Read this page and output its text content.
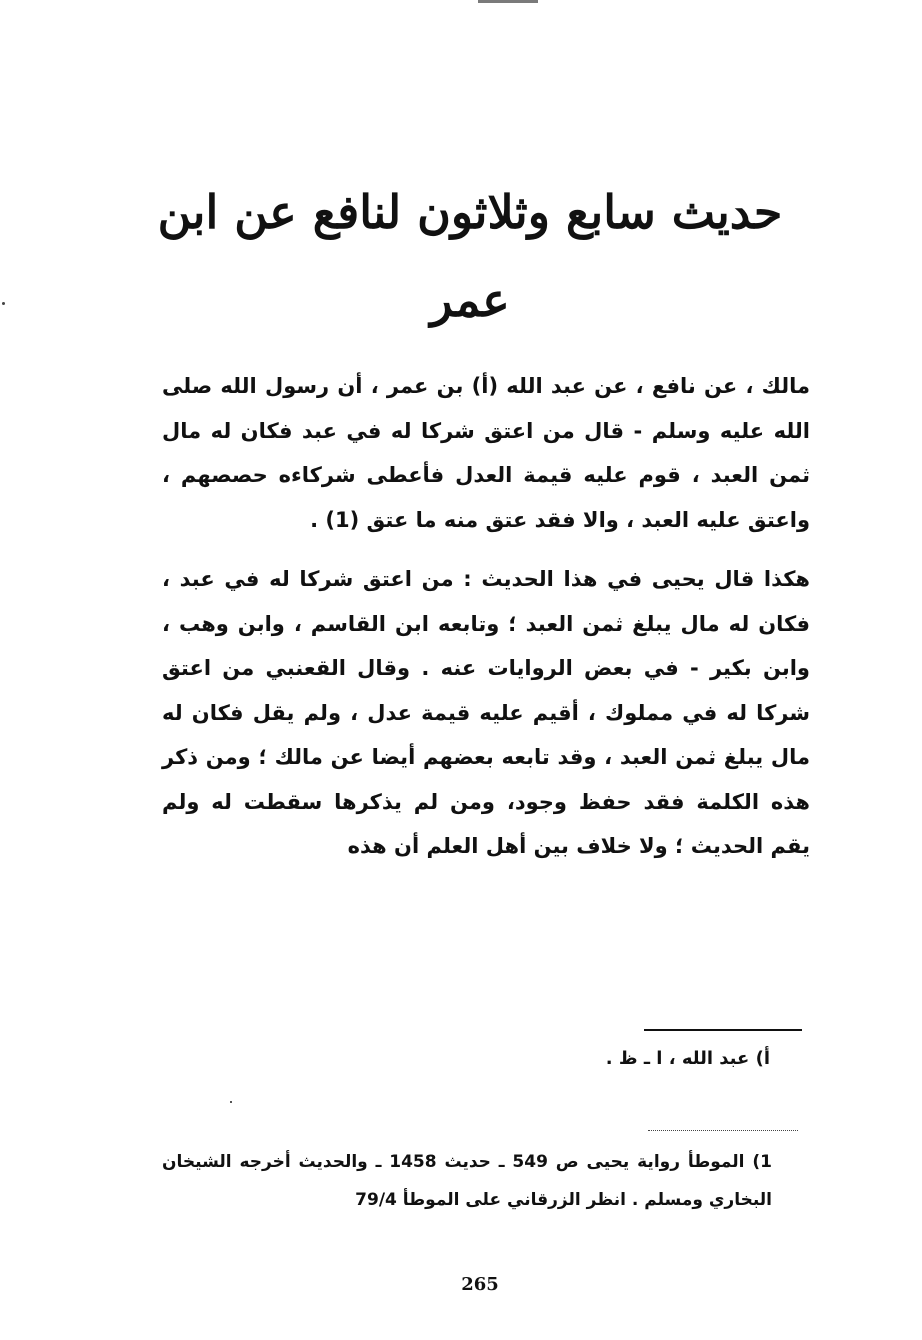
حديث سابع وثلاثون لنافع عن ابن عمر

مالك ، عن نافع ، عن عبد الله (أ) بن عمر ، أن رسول الله صلى الله عليه وسلم - قال من اعتق شركا له في عبد فكان له مال ثمن العبد ، قوم عليه قيمة العدل فأعطى شركاءه حصصهم ، واعتق عليه العبد ، والا فقد عتق منه ما عتق (1) .

هكذا قال يحيى في هذا الحديث : من اعتق شركا له في عبد ، فكان له مال يبلغ ثمن العبد ؛ وتابعه ابن القاسم ، وابن وهب ، وابن بكير - في بعض الروايات عنه . وقال القعنبي من اعتق شركا له في مملوك ، أقيم عليه قيمة عدل ، ولم يقل فكان له مال يبلغ ثمن العبد ، وقد تابعه بعضهم أيضا عن مالك ؛ ومن ذكر هذه الكلمة فقد حفظ وجود، ومن لم يذكرها سقطت له ولم يقم الحديث ؛ ولا خلاف بين أهل العلم أن هذه

أ) عبد الله ، ا ـ ظ .
1) الموطأ رواية يحيى ص 549 ـ حديث 1458 ـ والحديث أخرجه الشيخان البخاري ومسلم . انظر الزرقاني على الموطأ 79/4
265
